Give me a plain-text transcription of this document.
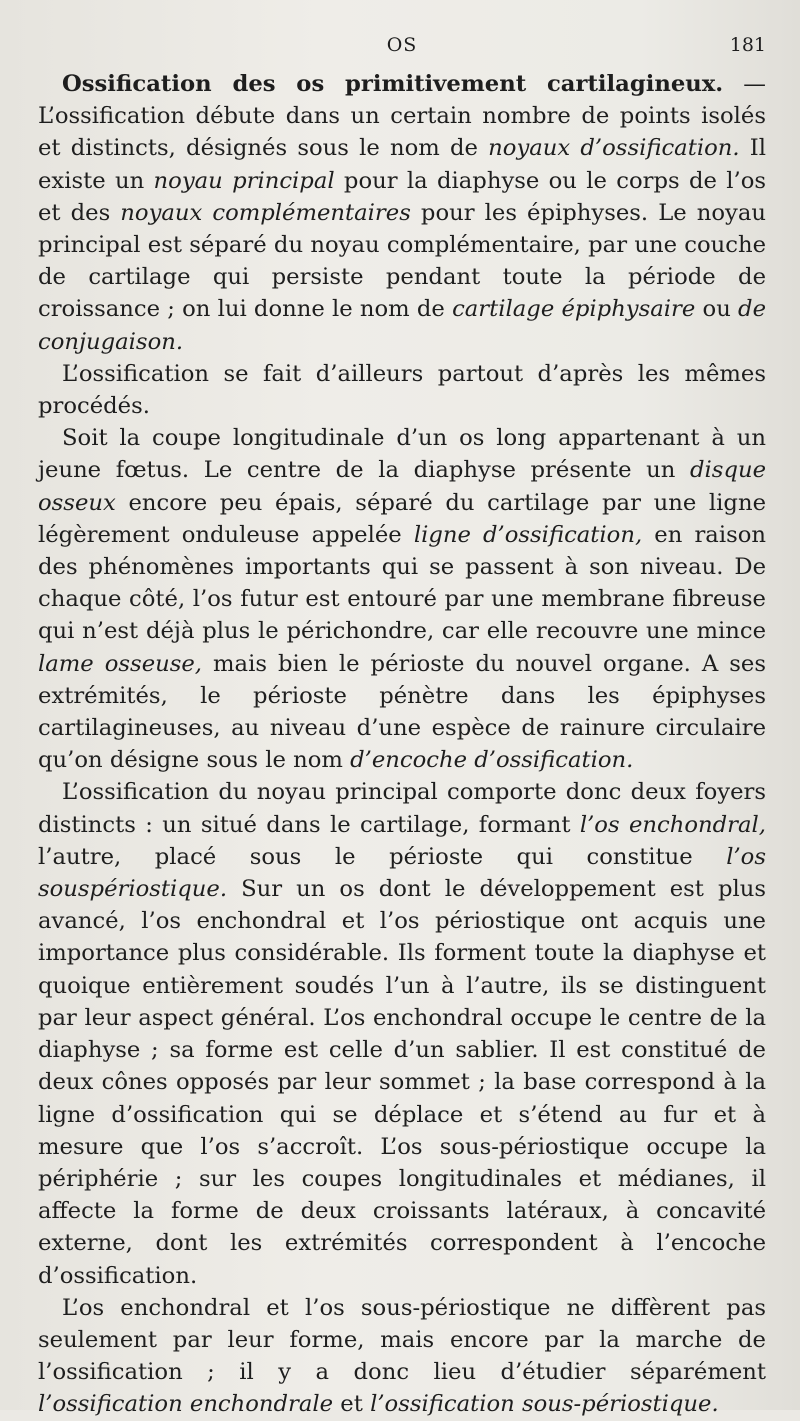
OS	181

Ossification des os primitivement cartilagineux. — L’ossification débute dans un certain nombre de points isolés et distincts, désignés sous le nom de noyaux d’ossification. Il existe un noyau principal pour la diaphyse ou le corps de l’os et des noyaux complémentaires pour les épiphyses. Le noyau principal est séparé du noyau complémentaire, par une couche de cartilage qui persiste pendant toute la période de croissance ; on lui donne le nom de cartilage épiphysaire ou de conjugaison.

L’ossification se fait d’ailleurs partout d’après les mêmes procédés.

Soit la coupe longitudinale d’un os long appartenant à un jeune fœtus. Le centre de la diaphyse présente un disque osseux encore peu épais, séparé du cartilage par une ligne légèrement onduleuse appelée ligne d’ossification, en raison des phénomènes importants qui se passent à son niveau. De chaque côté, l’os futur est entouré par une membrane fibreuse qui n’est déjà plus le périchondre, car elle recouvre une mince lame osseuse, mais bien le périoste du nouvel organe. A ses extrémités, le périoste pénètre dans les épiphyses cartilagineuses, au niveau d’une espèce de rainure circulaire qu’on désigne sous le nom d’encoche d’ossification.

L’ossification du noyau principal comporte donc deux foyers distincts : un situé dans le cartilage, formant l’os enchondral, l’autre, placé sous le périoste qui constitue l’os souspériostique. Sur un os dont le développement est plus avancé, l’os enchondral et l’os périostique ont acquis une importance plus considérable. Ils forment toute la diaphyse et quoique entièrement soudés l’un à l’autre, ils se distinguent par leur aspect général. L’os enchondral occupe le centre de la diaphyse ; sa forme est celle d’un sablier. Il est constitué de deux cônes opposés par leur sommet ; la base correspond à la ligne d’ossification qui se déplace et s’étend au fur et à mesure que l’os s’accroît. L’os sous-périostique occupe la périphérie ; sur les coupes longitudinales et médianes, il affecte la forme de deux croissants latéraux, à concavité externe, dont les extrémités correspondent à l’encoche d’ossification.

L’os enchondral et l’os sous-périostique ne diffèrent pas seulement par leur forme, mais encore par la marche de l’ossification ; il y a donc lieu d’étudier séparément l’ossification enchondrale et l’ossification sous-périostique.
